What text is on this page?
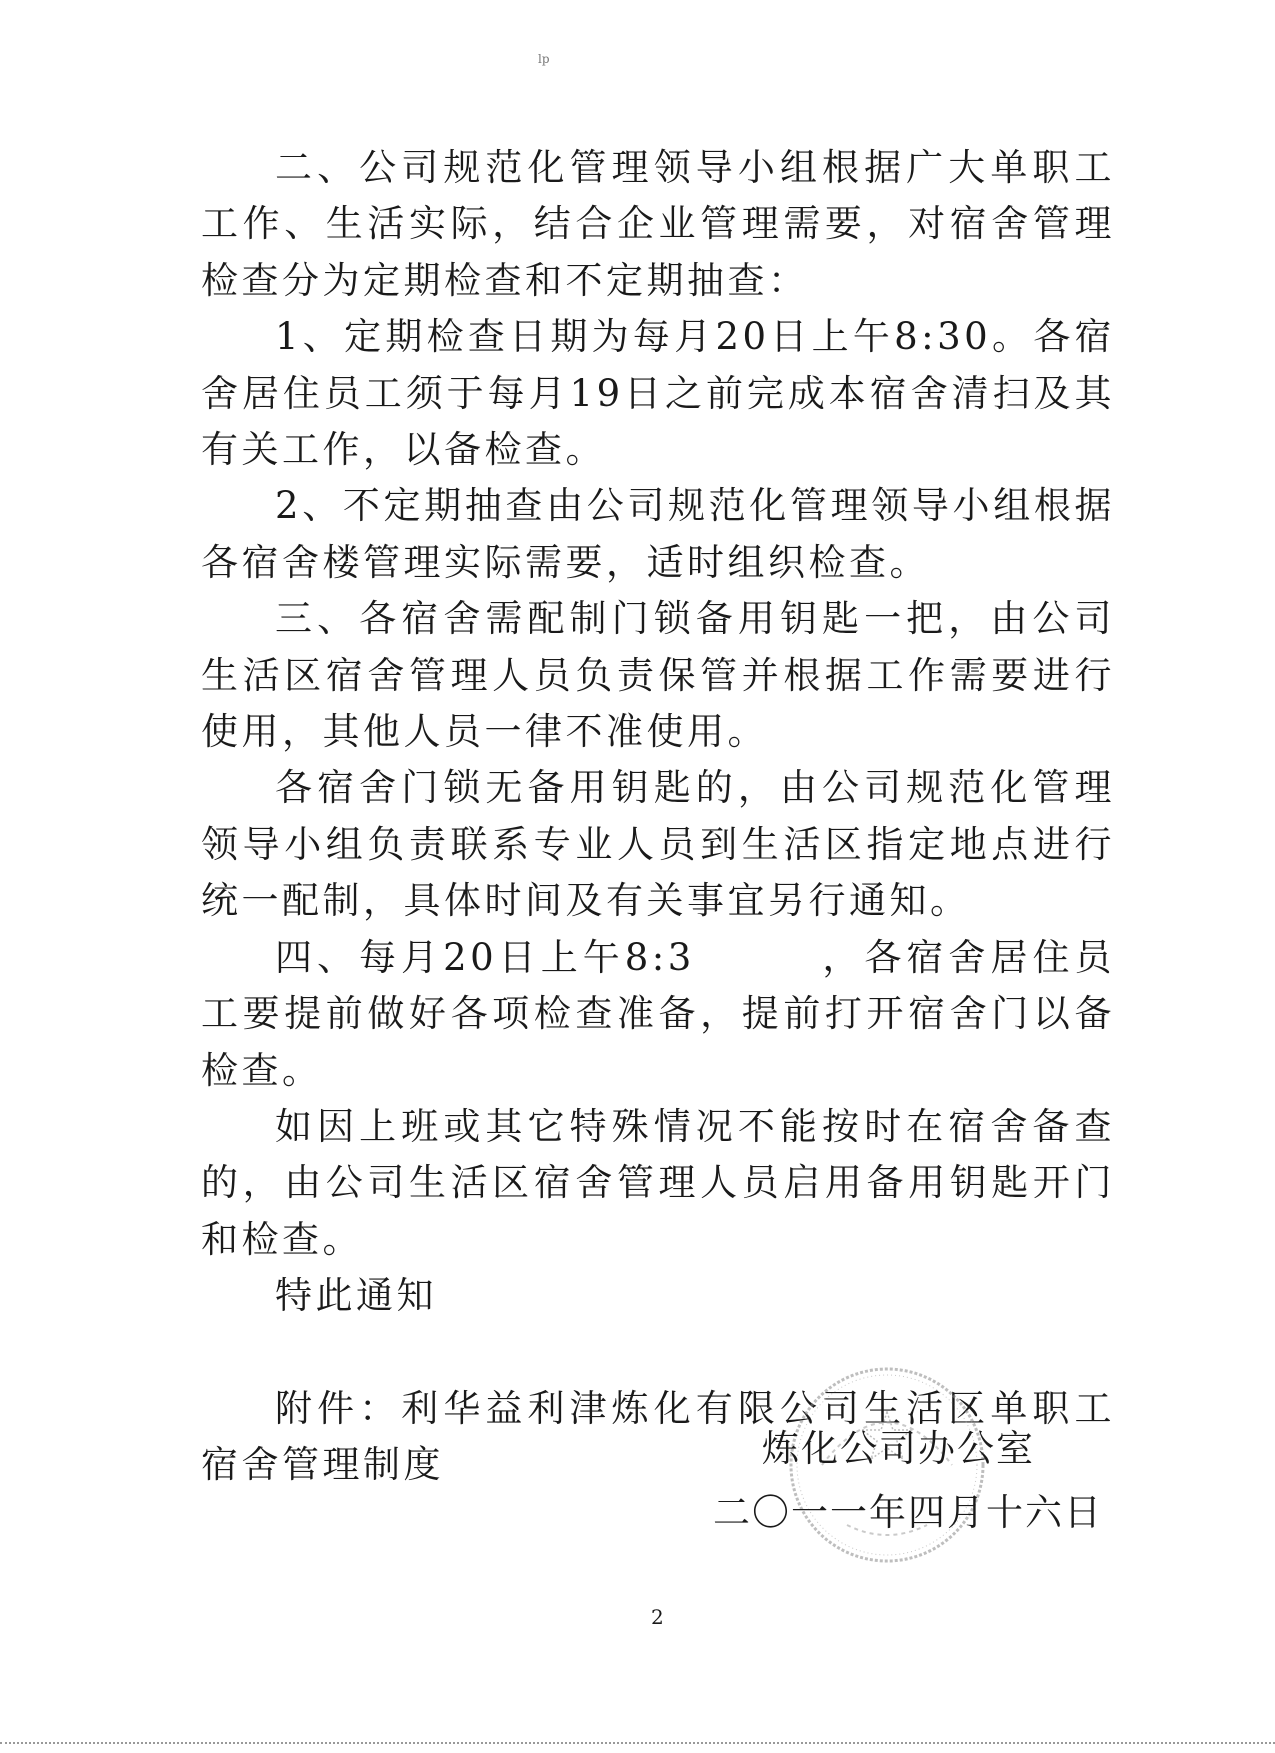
lp

二、公司规范化管理领导小组根据广大单职工工作、生活实际，结合企业管理需要，对宿舍管理检查分为定期检查和不定期抽查：

1、定期检查日期为每月20日上午8:30。各宿舍居住员工须于每月19日之前完成本宿舍清扫及其有关工作，以备检查。

2、不定期抽查由公司规范化管理领导小组根据各宿舍楼管理实际需要，适时组织检查。

三、各宿舍需配制门锁备用钥匙一把，由公司生活区宿舍管理人员负责保管并根据工作需要进行使用，其他人员一律不准使用。

各宿舍门锁无备用钥匙的，由公司规范化管理领导小组负责联系专业人员到生活区指定地点进行统一配制，具体时间及有关事宜另行通知。

四、每月20日上午8:3　　　，各宿舍居住员工要提前做好各项检查准备，提前打开宿舍门以备检查。

如因上班或其它特殊情况不能按时在宿舍备查的，由公司生活区宿舍管理人员启用备用钥匙开门和检查。

特此通知

附件：利华益利津炼化有限公司生活区单职工宿舍管理制度	炼化公司办公室
二〇一一年四月十六日
2
